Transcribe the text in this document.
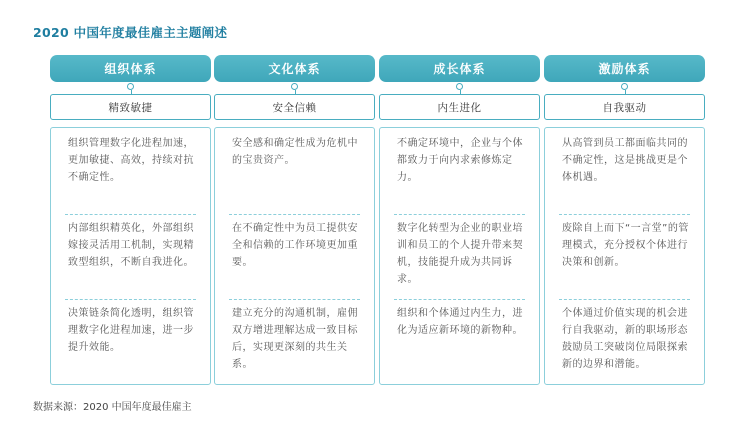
2020 中国年度最佳雇主主题阐述
组织体系
精致敏捷
组织管理数字化进程加速，更加敏捷、高效，持续对抗不确定性。
内部组织精英化，外部组织嫁接灵活用工机制，实现精致型组织，不断自我进化。
决策链条简化透明，组织管理数字化进程加速，进一步提升效能。
文化体系
安全信赖
安全感和确定性成为危机中的宝贵资产。
在不确定性中为员工提供安全和信赖的工作环境更加重要。
建立充分的沟通机制，雇佣双方增进理解达成一致目标后，实现更深刻的共生关系。
成长体系
内生进化
不确定环境中，企业与个体都致力于向内求索修炼定力。
数字化转型为企业的职业培训和员工的个人提升带来契机，技能提升成为共同诉求。
组织和个体通过内生力，进化为适应新环境的新物种。
激励体系
自我驱动
从高管到员工都面临共同的不确定性，这是挑战更是个体机遇。
废除自上而下“一言堂”的管理模式，充分授权个体进行决策和创新。
个体通过价值实现的机会进行自我驱动，新的职场形态鼓励员工突破岗位局限探索新的边界和潜能。
数据来源：2020 中国年度最佳雇主
